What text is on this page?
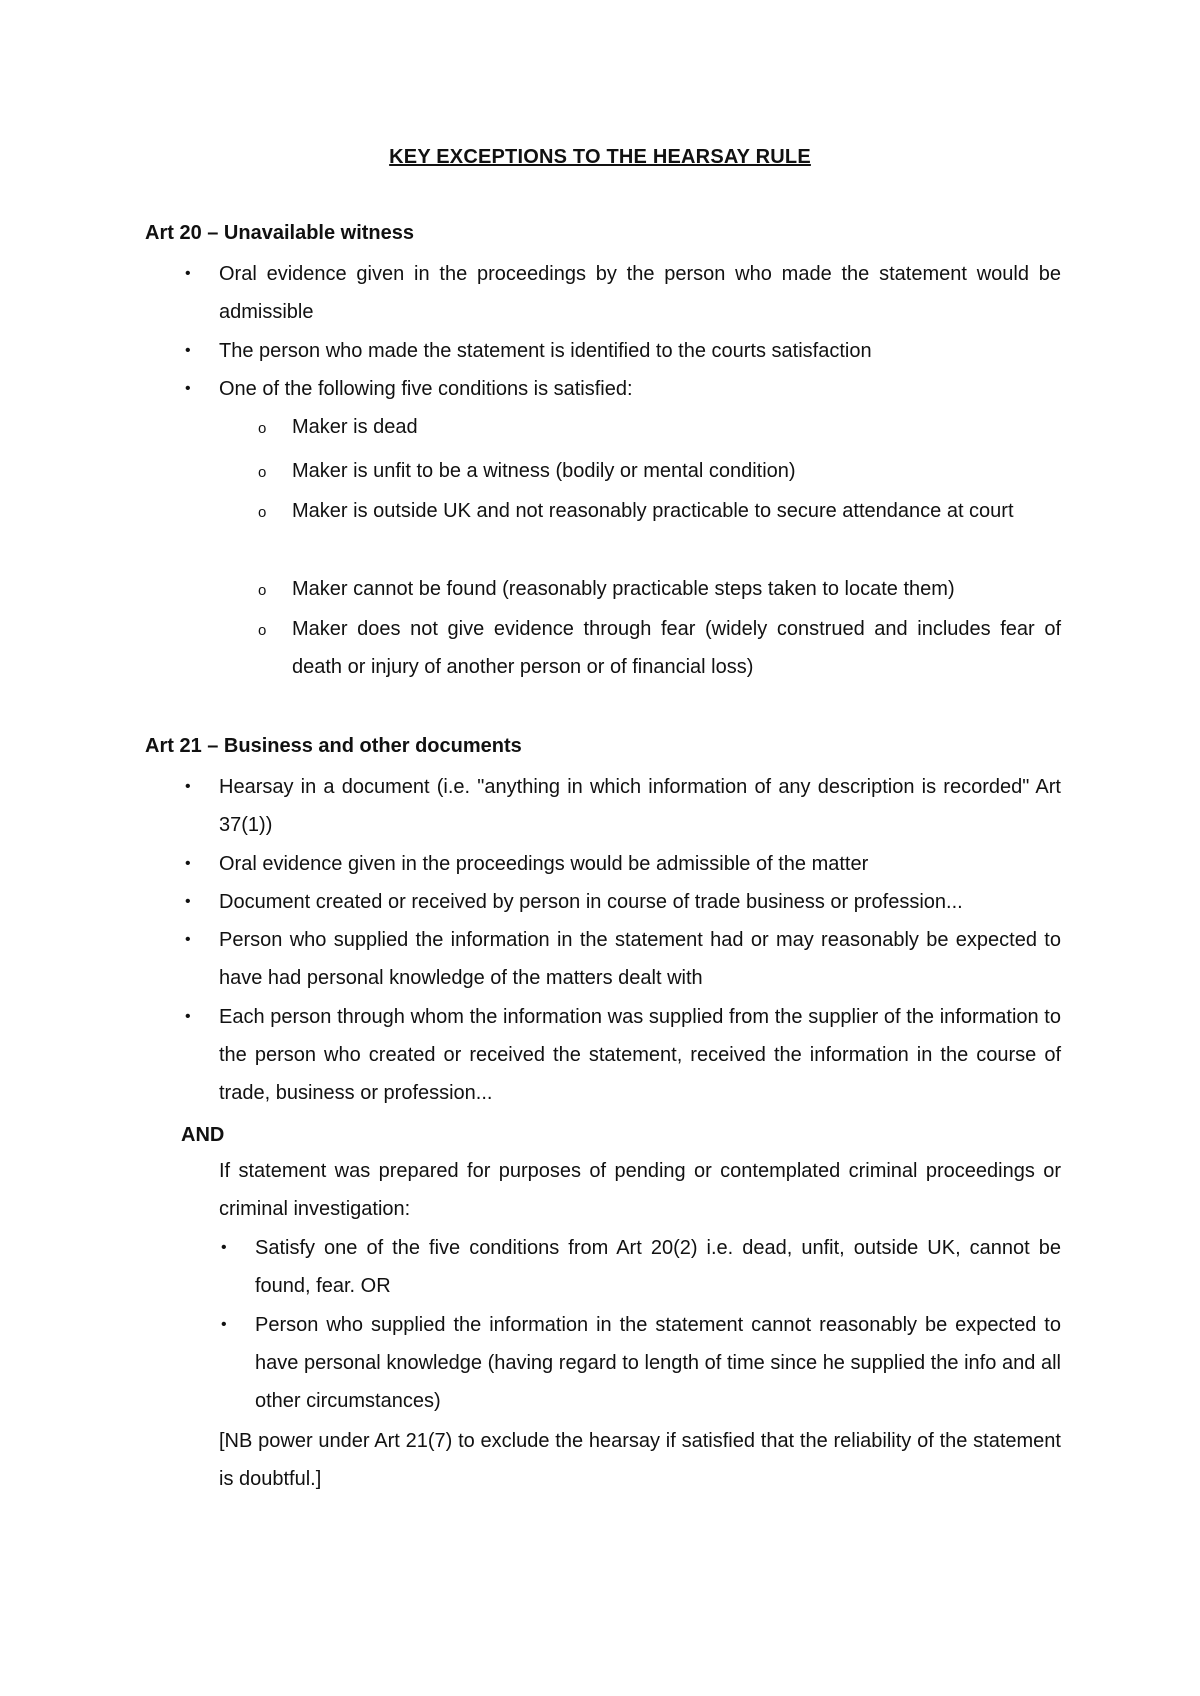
KEY EXCEPTIONS TO THE HEARSAY RULE
Art 20 – Unavailable witness
• Oral evidence given in the proceedings by the person who made the statement would be admissible
• The person who made the statement is identified to the courts satisfaction
• One of the following five conditions is satisfied:
o Maker is dead
o Maker is unfit to be a witness (bodily or mental condition)
o Maker is outside UK and not reasonably practicable to secure attendance at court
o Maker cannot be found (reasonably practicable steps taken to locate them)
o Maker does not give evidence through fear (widely construed and includes fear of death or injury of another person or of financial loss)
Art 21 – Business and other documents
• Hearsay in a document (i.e. "anything in which information of any description is recorded" Art 37(1))
• Oral evidence given in the proceedings would be admissible of the matter
• Document created or received by person in course of trade business or profession...
• Person who supplied the information in the statement had or may reasonably be expected to have had personal knowledge of the matters dealt with
• Each person through whom the information was supplied from the supplier of the information to the person who created or received the statement, received the information in the course of trade, business or profession...
AND
If statement was prepared for purposes of pending or contemplated criminal proceedings or criminal investigation:
• Satisfy one of the five conditions from Art 20(2) i.e. dead, unfit, outside UK, cannot be found, fear. OR
• Person who supplied the information in the statement cannot reasonably be expected to have personal knowledge (having regard to length of time since he supplied the info and all other circumstances)
[NB power under Art 21(7) to exclude the hearsay if satisfied that the reliability of the statement is doubtful.]
